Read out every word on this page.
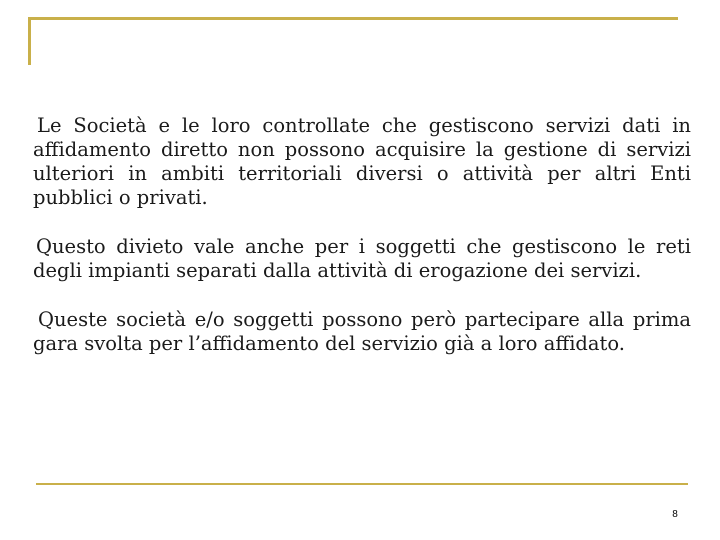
Le Società e le loro controllate che gestiscono servizi dati in affidamento diretto non possono acquisire la gestione di servizi ulteriori in ambiti territoriali diversi o attività per altri Enti pubblici o privati.

Questo divieto vale anche per i soggetti che gestiscono le reti degli impianti separati dalla attività di erogazione dei servizi.

Queste società e/o soggetti possono però partecipare alla prima gara svolta per l’affidamento del servizio già a loro affidato.

8
